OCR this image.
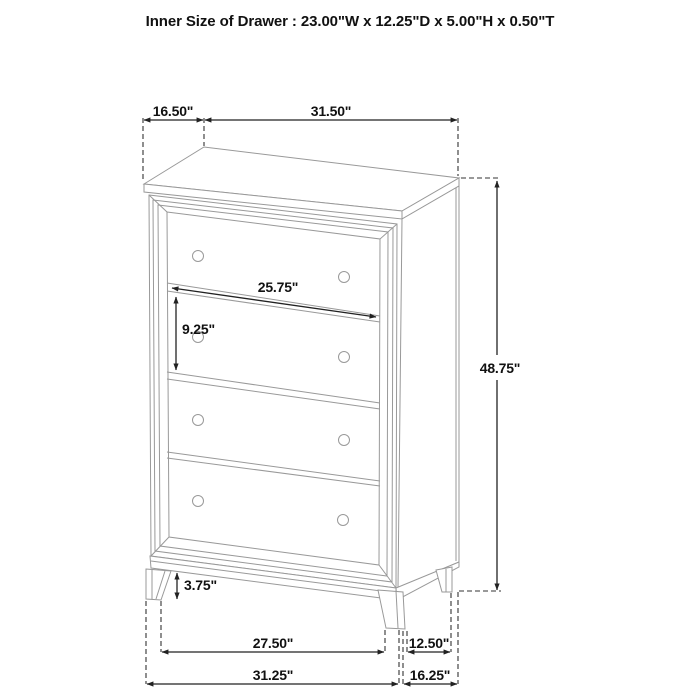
Inner Size of Drawer : 23.00"W x 12.25"D x 5.00"H x 0.50"T
16.50"	31.50"
48.75"
25.75"
9.25"
3.75"
27.50"	12.50"
31.25"	16.25"
